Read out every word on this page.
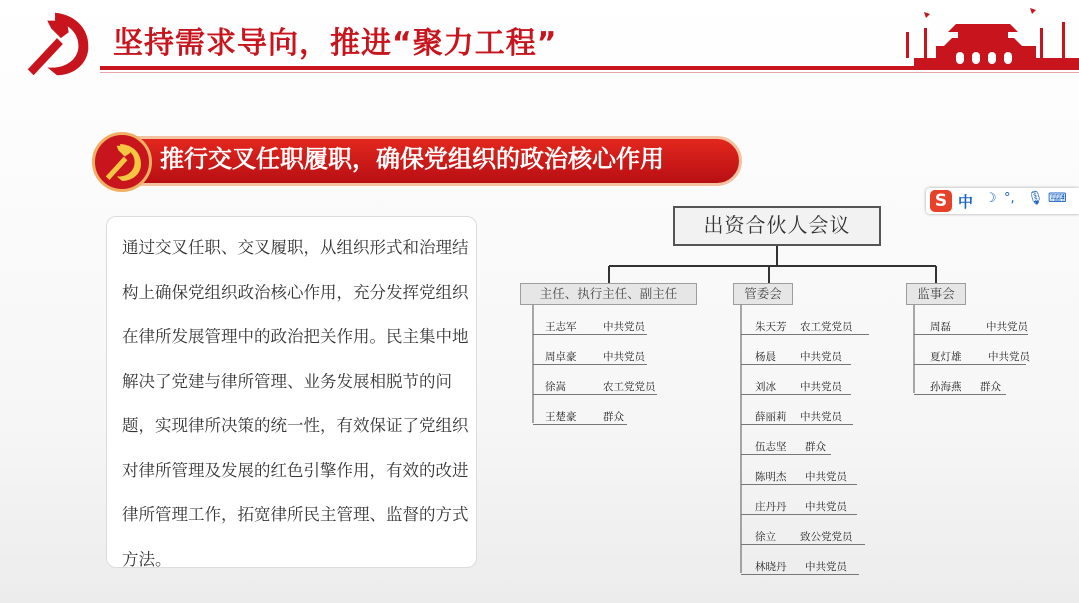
坚持需求导向，推进“聚力工程”
推行交叉任职履职，确保党组织的政治核心作用
通过交叉任职、交叉履职，从组织形式和治理结构上确保党组织政治核心作用，充分发挥党组织在律所发展管理中的政治把关作用。民主集中地解决了党建与律所管理、业务发展相脱节的问题，实现律所决策的统一性，有效保证了党组织对律所管理及发展的红色引擎作用，有效的改进律所管理工作，拓宽律所民主管理、监督的方式方法。
S 中 ☽ °, 🎙 ⌨
出资合伙人会议
主任、执行主任、副主任	管委会	监事会
王志军	中共党员
周卓豪	中共党员
徐嵩	农工党党员
王楚豪	群众
朱天芳 农工党党员
杨晨 中共党员
刘冰 中共党员
薛丽莉 中共党员
伍志坚 群众
陈明杰 中共党员
庄丹丹 中共党员
徐立 致公党党员
林晓丹 中共党员
周磊	中共党员
夏灯雄	中共党员
孙海燕 群众
